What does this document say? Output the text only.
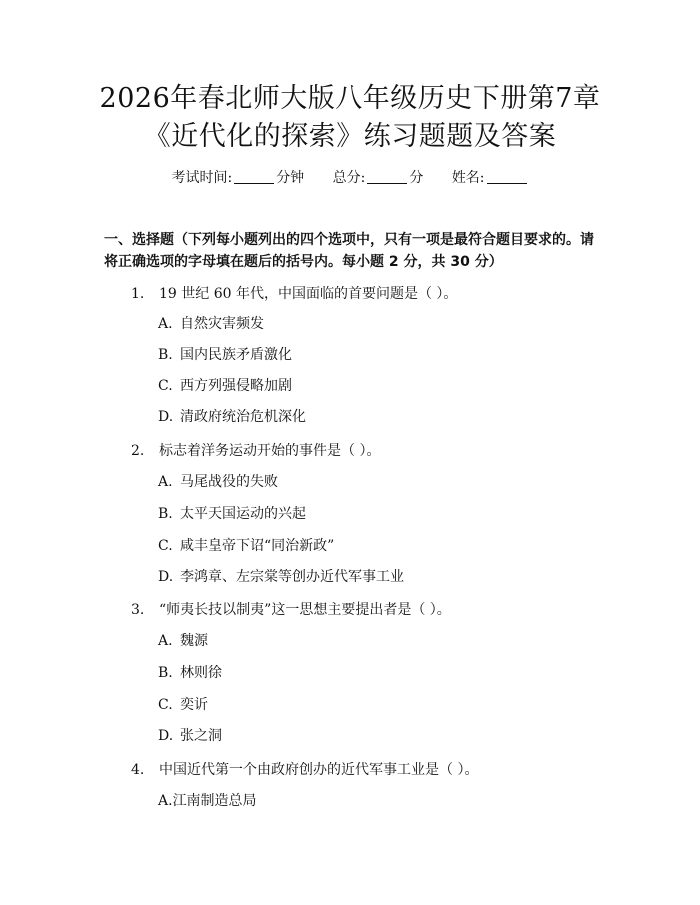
2026年春北师大版八年级历史下册第7章
《近代化的探索》练习题题及答案
考试时间:	分钟 总分:	分 姓名:
一、选择题（下列每小题列出的四个选项中，只有一项是最符合题目要求的。请将正确选项的字母填在题后的括号内。每小题 2 分，共 30 分）
1. 19 世纪 60 年代，中国面临的首要问题是（ ）。
A. 自然灾害频发
B. 国内民族矛盾激化
C. 西方列强侵略加剧
D. 清政府统治危机深化
2. 标志着洋务运动开始的事件是（ ）。
A. 马尾战役的失败
B. 太平天国运动的兴起
C. 咸丰皇帝下诏“同治新政”
D. 李鸿章、左宗棠等创办近代军事工业
3. “师夷长技以制夷”这一思想主要提出者是（ ）。
A. 魏源
B. 林则徐
C. 奕䜣
D. 张之洞
4. 中国近代第一个由政府创办的近代军事工业是（ ）。
A.江南制造总局
